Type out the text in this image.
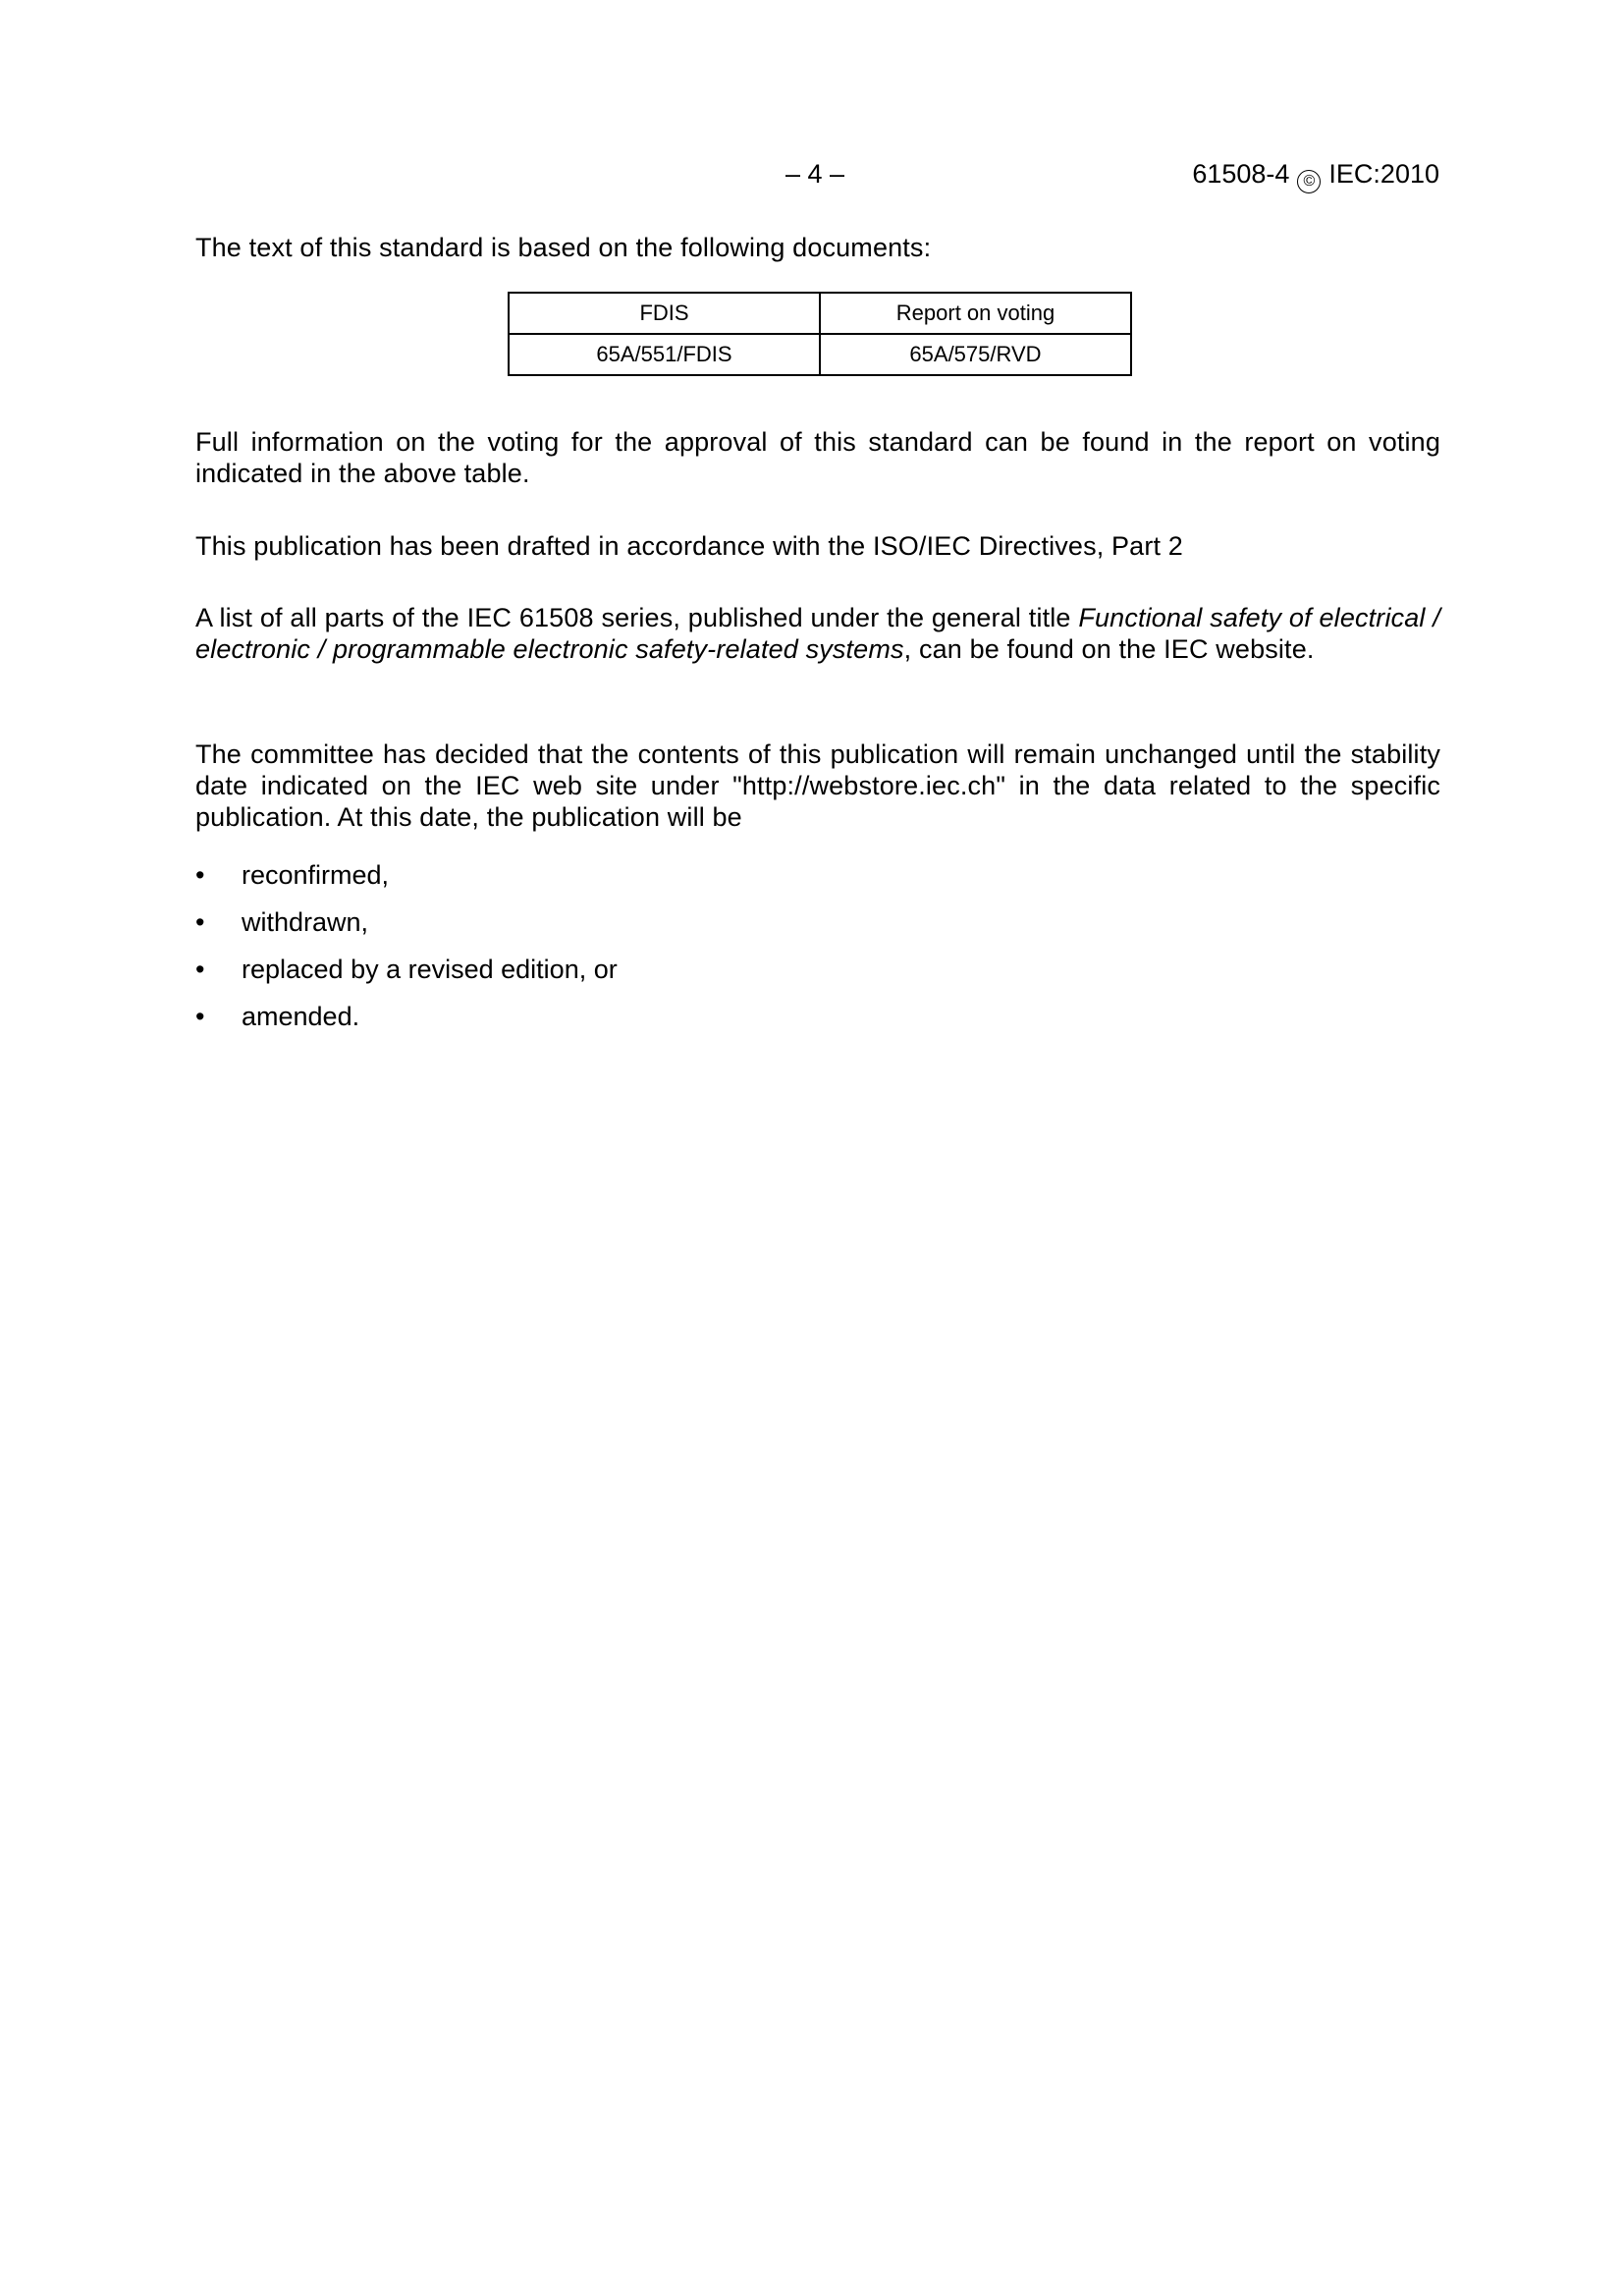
– 4 –	61508-4 © IEC:2010

The text of this standard is based on the following documents:

FDIS	Report on voting
65A/551/FDIS	65A/575/RVD

Full information on the voting for the approval of this standard can be found in the report on voting indicated in the above table.

This publication has been drafted in accordance with the ISO/IEC Directives, Part 2

A list of all parts of the IEC 61508 series, published under the general title Functional safety of electrical / electronic / programmable electronic safety-related systems, can be found on the IEC website.

The committee has decided that the contents of this publication will remain unchanged until the stability date indicated on the IEC web site under "http://webstore.iec.ch" in the data related to the specific publication. At this date, the publication will be

•	reconfirmed,
•	withdrawn,
•	replaced by a revised edition, or
•	amended.
